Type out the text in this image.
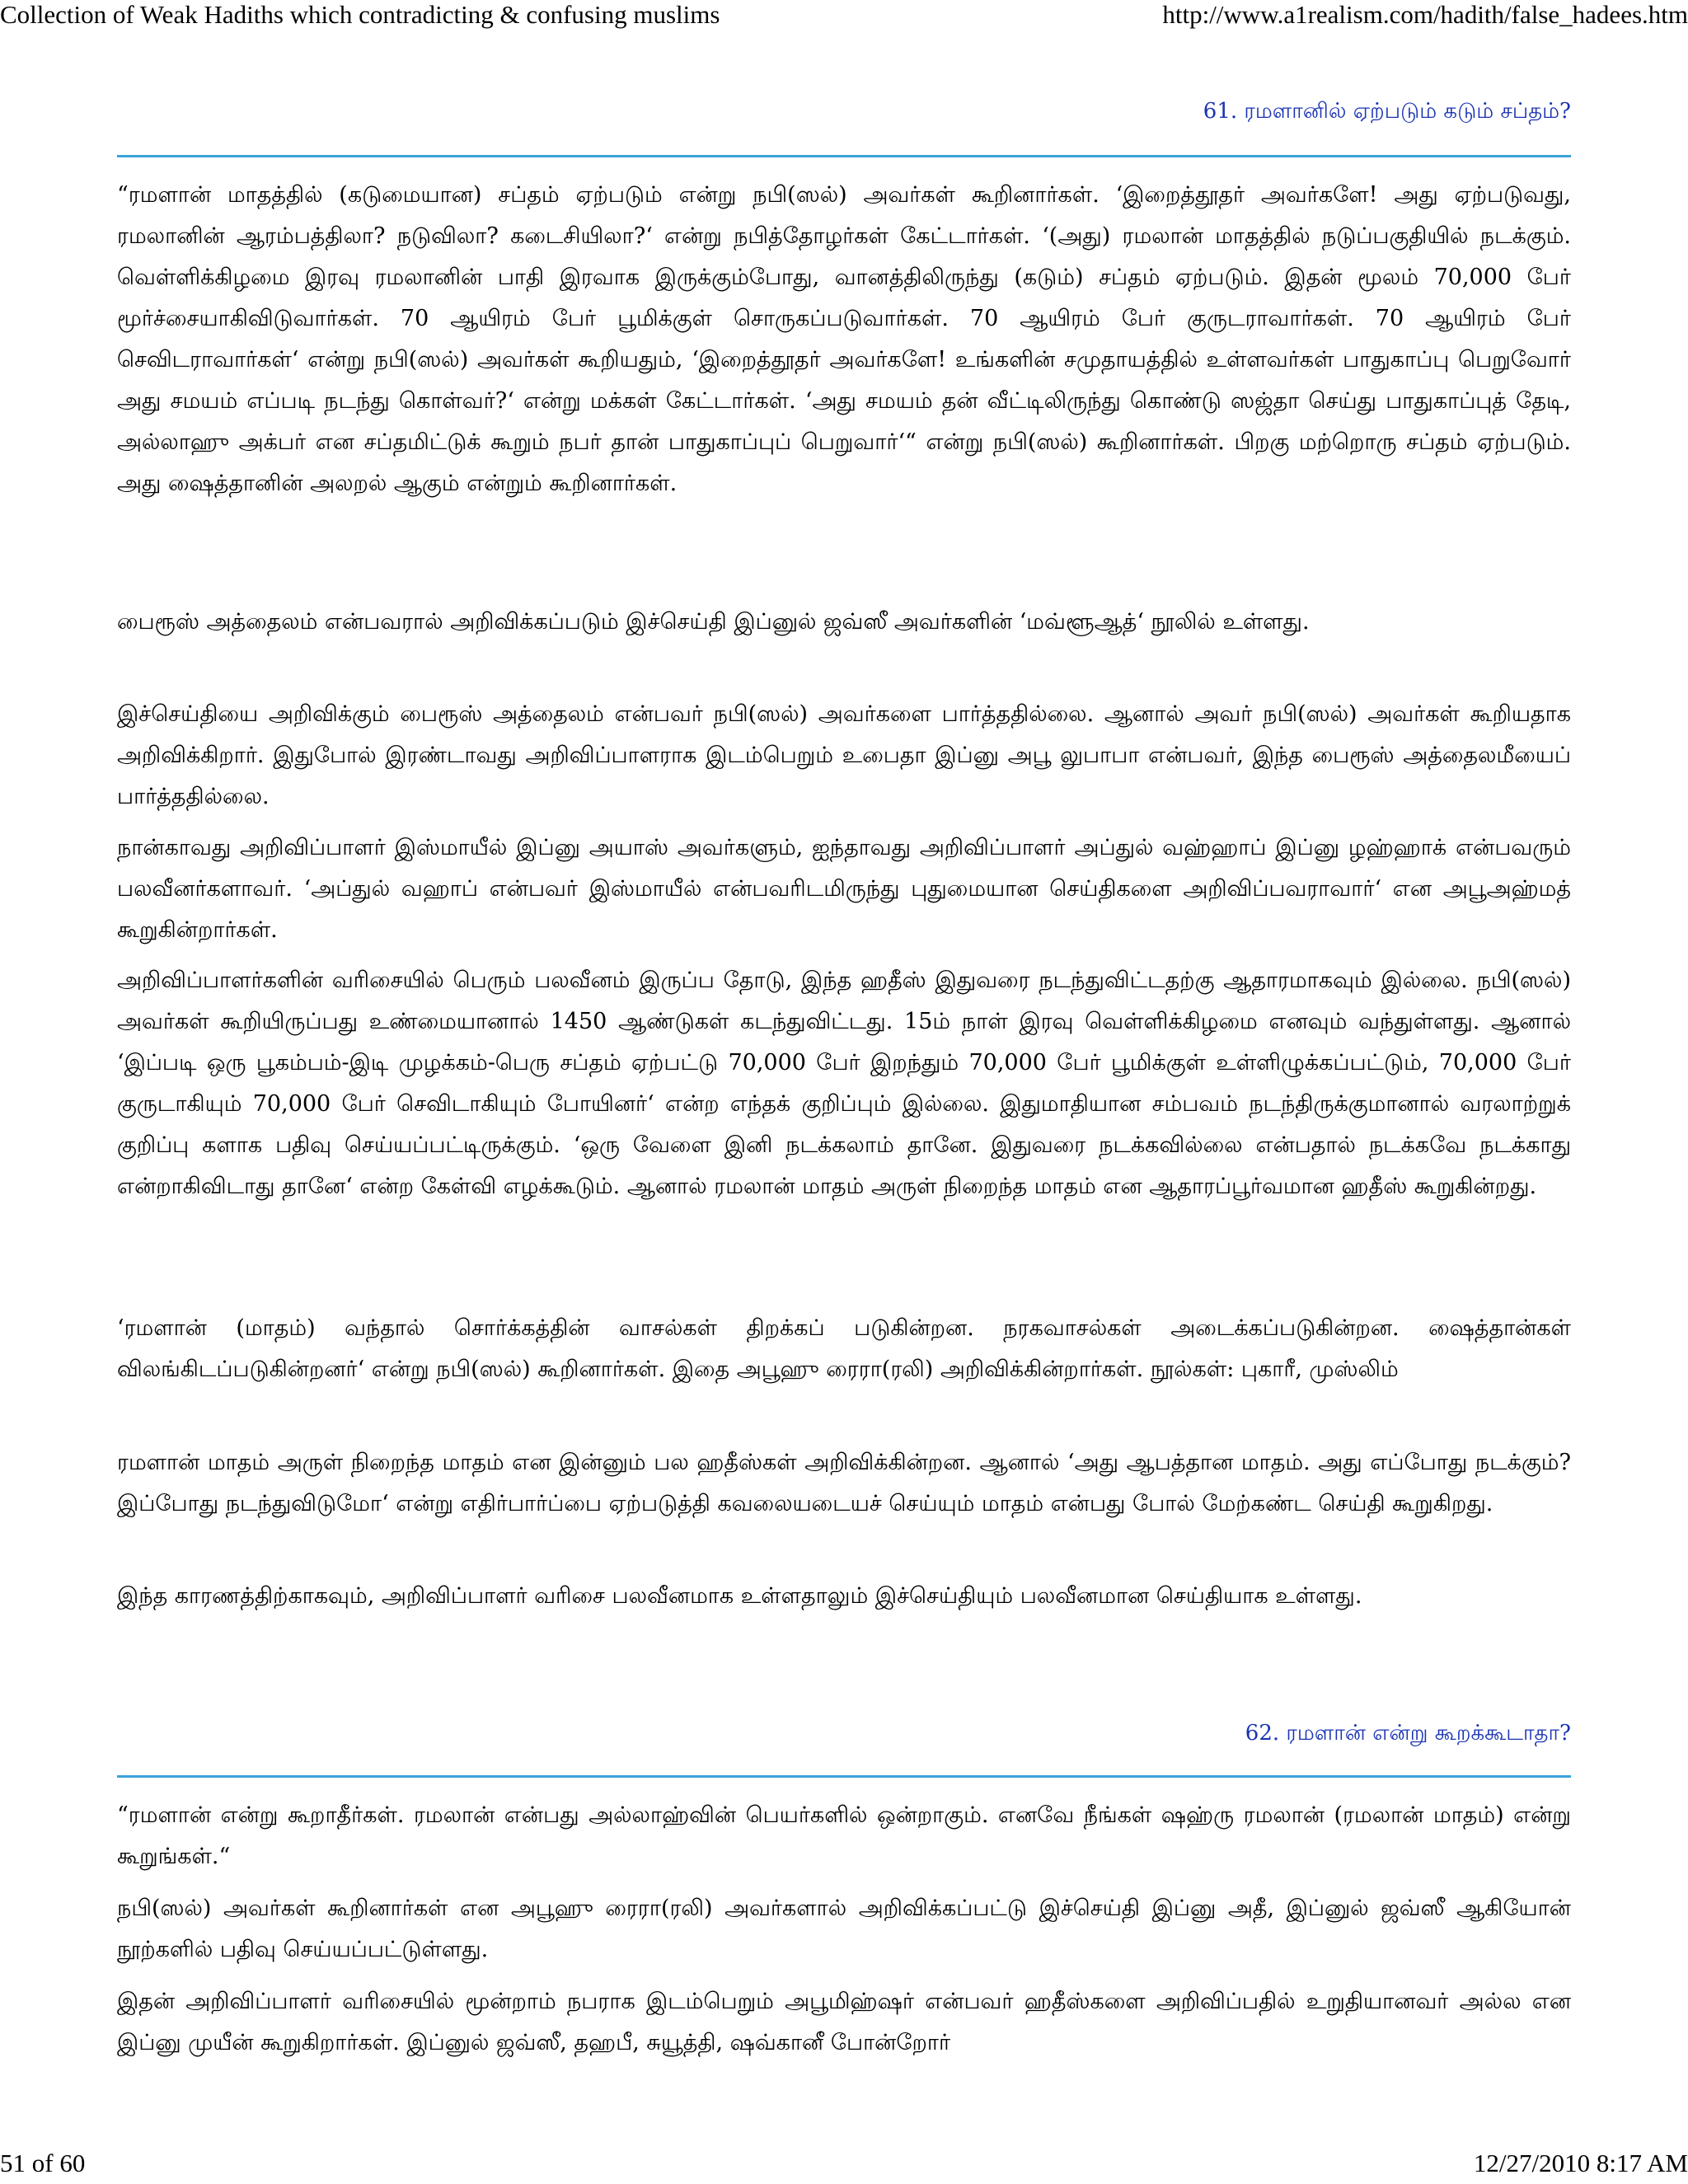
Collection of Weak Hadiths which contradicting & confusing muslims	http://www.a1realism.com/hadith/false_hadees.htm
61. ரமளானில் ஏற்படும் கடும் சப்தம்?

“ரமளான் மாதத்தில் (கடுமையான) சப்தம் ஏற்படும் என்று நபி(ஸல்) அவர்கள் கூறினார்கள். ‘இறைத்தூதர் அவர்களே! அது ஏற்படுவது, ரமலானின் ஆரம்பத்திலா? நடுவிலா? கடைசியிலா?‘ என்று நபித்தோழர்கள் கேட்டார்கள். ‘(அது) ரமலான் மாதத்தில் நடுப்பகுதியில் நடக்கும். வெள்ளிக்கிழமை இரவு ரமலானின் பாதி இரவாக இருக்கும்போது, வானத்திலிருந்து (கடும்) சப்தம் ஏற்படும். இதன் மூலம் 70,000 பேர் மூர்ச்சையாகிவிடுவார்கள். 70 ஆயிரம் பேர் பூமிக்குள் சொருகப்படுவார்கள். 70 ஆயிரம் பேர் குருடராவார்கள். 70 ஆயிரம் பேர் செவிடராவார்கள்‘ என்று நபி(ஸல்) அவர்கள் கூறியதும், ‘இறைத்தூதர் அவர்களே! உங்களின் சமுதாயத்தில் உள்ளவர்கள் பாதுகாப்பு பெறுவோர் அது சமயம் எப்படி நடந்து கொள்வர்?‘ என்று மக்கள் கேட்டார்கள். ‘அது சமயம் தன் வீட்டிலிருந்து கொண்டு ஸஜ்தா செய்து பாதுகாப்புத் தேடி, அல்லாஹு அக்பர் என சப்தமிட்டுக் கூறும் நபர் தான் பாதுகாப்புப் பெறுவார்‘“ என்று நபி(ஸல்) கூறினார்கள். பிறகு மற்றொரு சப்தம் ஏற்படும். அது ஷைத்தானின் அலறல் ஆகும் என்றும் கூறினார்கள்.

பைரூஸ் அத்தைலம் என்பவரால் அறிவிக்கப்படும் இச்செய்தி இப்னுல் ஜவ்ஸீ அவர்களின் ‘மவ்ளூஆத்‘ நூலில் உள்ளது.

இச்செய்தியை அறிவிக்கும் பைரூஸ் அத்தைலம் என்பவர் நபி(ஸல்) அவர்களை பார்த்ததில்லை. ஆனால் அவர் நபி(ஸல்) அவர்கள் கூறியதாக அறிவிக்கிறார். இதுபோல் இரண்டாவது அறிவிப்பாளராக இடம்பெறும் உபைதா இப்னு அபூ லுபாபா என்பவர், இந்த பைரூஸ் அத்தைலமீயைப் பார்த்ததில்லை.

நான்காவது அறிவிப்பாளர் இஸ்மாயீல் இப்னு அயாஸ் அவர்களும், ஐந்தாவது அறிவிப்பாளர் அப்துல் வஹ்ஹாப் இப்னு ழஹ்ஹாக் என்பவரும் பலவீனர்களாவர். ‘அப்துல் வஹாப் என்பவர் இஸ்மாயீல் என்பவரிடமிருந்து புதுமையான செய்திகளை அறிவிப்பவராவார்‘ என அபூஅஹ்மத் கூறுகின்றார்கள்.

அறிவிப்பாளர்களின் வரிசையில் பெரும் பலவீனம் இருப்ப தோடு, இந்த ஹதீஸ் இதுவரை நடந்துவிட்டதற்கு ஆதாரமாகவும் இல்லை. நபி(ஸல்) அவர்கள் கூறியிருப்பது உண்மையானால் 1450 ஆண்டுகள் கடந்துவிட்டது. 15ம் நாள் இரவு வெள்ளிக்கிழமை எனவும் வந்துள்ளது. ஆனால் ‘இப்படி ஒரு பூகம்பம்-இடி முழக்கம்-பெரு சப்தம் ஏற்பட்டு 70,000 பேர் இறந்தும் 70,000 பேர் பூமிக்குள் உள்ளிழுக்கப்பட்டும், 70,000 பேர் குருடாகியும் 70,000 பேர் செவிடாகியும் போயினர்‘ என்ற எந்தக் குறிப்பும் இல்லை. இதுமாதியான சம்பவம் நடந்திருக்குமானால் வரலாற்றுக் குறிப்பு களாக பதிவு செய்யப்பட்டிருக்கும். ‘ஒரு வேளை இனி நடக்கலாம் தானே. இதுவரை நடக்கவில்லை என்பதால் நடக்கவே நடக்காது என்றாகிவிடாது தானே‘ என்ற கேள்வி எழக்கூடும். ஆனால் ரமலான் மாதம் அருள் நிறைந்த மாதம் என ஆதாரப்பூர்வமான ஹதீஸ் கூறுகின்றது.

‘ரமளான் (மாதம்) வந்தால் சொர்க்கத்தின் வாசல்கள் திறக்கப் படுகின்றன. நரகவாசல்கள் அடைக்கப்படுகின்றன. ஷைத்தான்கள் விலங்கிடப்படுகின்றனர்‘ என்று நபி(ஸல்) கூறினார்கள். இதை அபூஹு ரைரா(ரலி) அறிவிக்கின்றார்கள். நூல்கள்: புகாரீ, முஸ்லிம்

ரமளான் மாதம் அருள் நிறைந்த மாதம் என இன்னும் பல ஹதீஸ்கள் அறிவிக்கின்றன. ஆனால் ‘அது ஆபத்தான மாதம். அது எப்போது நடக்கும்? இப்போது நடந்துவிடுமோ‘ என்று எதிர்பார்ப்பை ஏற்படுத்தி கவலையடையச் செய்யும் மாதம் என்பது போல் மேற்கண்ட செய்தி கூறுகிறது.

இந்த காரணத்திற்காகவும், அறிவிப்பாளர் வரிசை பலவீனமாக உள்ளதாலும் இச்செய்தியும் பலவீனமான செய்தியாக உள்ளது.

62. ரமளான் என்று கூறக்கூடாதா?

“ரமளான் என்று கூறாதீர்கள். ரமலான் என்பது அல்லாஹ்வின் பெயர்களில் ஒன்றாகும். எனவே நீங்கள் ஷஹ்ரு ரமலான் (ரமலான் மாதம்) என்று கூறுங்கள்.“

நபி(ஸல்) அவர்கள் கூறினார்கள் என அபூஹு ரைரா(ரலி) அவர்களால் அறிவிக்கப்பட்டு இச்செய்தி இப்னு அதீ, இப்னுல் ஜவ்ஸீ ஆகியோன் நூற்களில் பதிவு செய்யப்பட்டுள்ளது.

இதன் அறிவிப்பாளர் வரிசையில் மூன்றாம் நபராக இடம்பெறும் அபூமிஹ்ஷர் என்பவர் ஹதீஸ்களை அறிவிப்பதில் உறுதியானவர் அல்ல என இப்னு முயீன் கூறுகிறார்கள். இப்னுல் ஜவ்ஸீ, தஹபீ, சுயூத்தி, ஷவ்கானீ போன்றோர்

51 of 60	12/27/2010 8:17 AM
